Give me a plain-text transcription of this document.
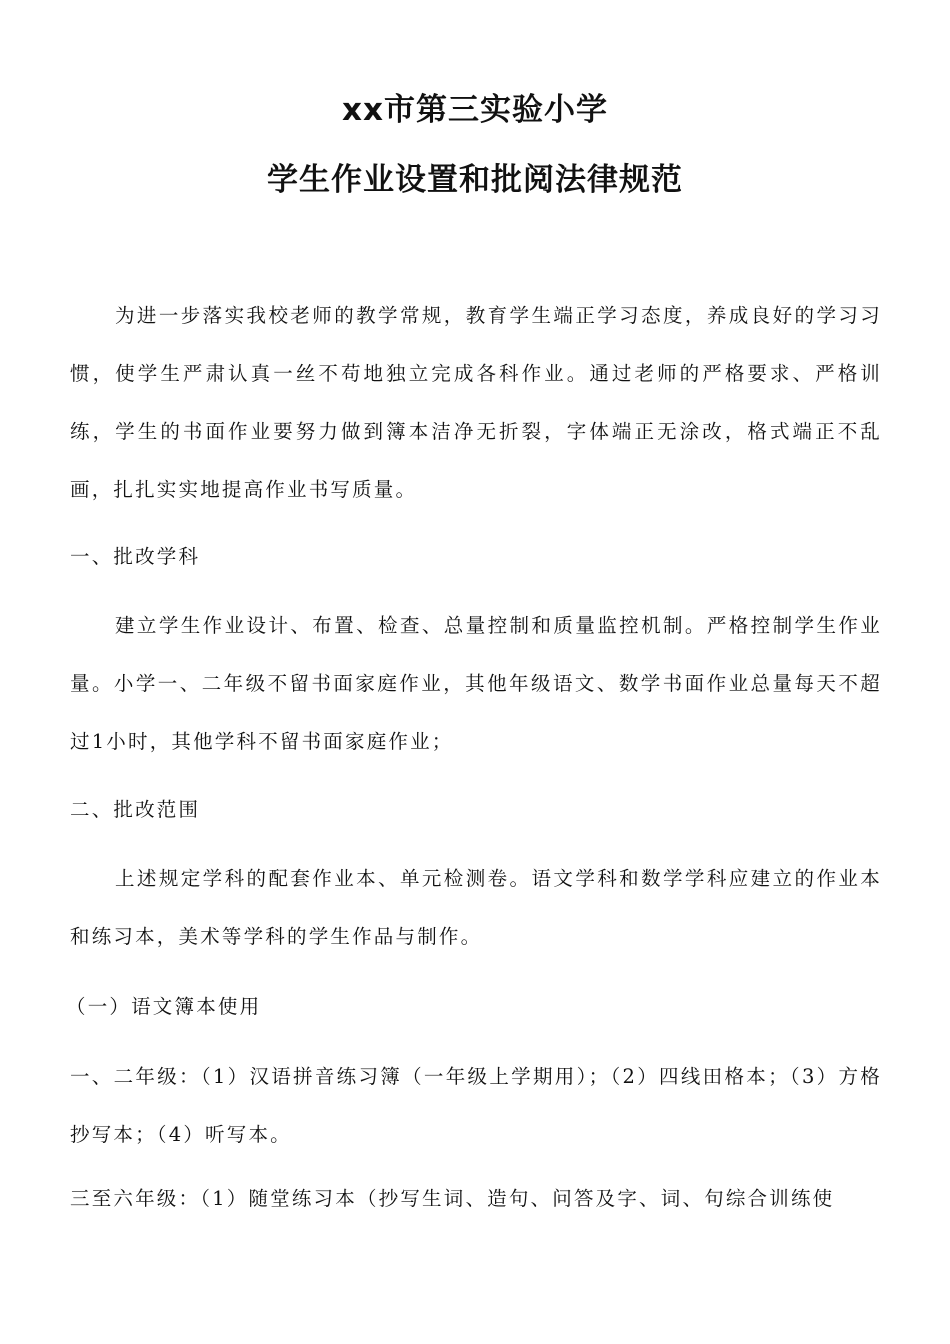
xx市第三实验小学
学生作业设置和批阅法律规范
为进一步落实我校老师的教学常规，教育学生端正学习态度，养成良好的学习习惯，使学生严肃认真一丝不苟地独立完成各科作业。通过老师的严格要求、严格训练，学生的书面作业要努力做到簿本洁净无折裂，字体端正无涂改，格式端正不乱画，扎扎实实地提高作业书写质量。
一、批改学科
建立学生作业设计、布置、检查、总量控制和质量监控机制。严格控制学生作业量。小学一、二年级不留书面家庭作业，其他年级语文、数学书面作业总量每天不超过1小时，其他学科不留书面家庭作业；
二、批改范围
上述规定学科的配套作业本、单元检测卷。语文学科和数学学科应建立的作业本和练习本，美术等学科的学生作品与制作。
（一）语文簿本使用
一、二年级：（1）汉语拼音练习簿（一年级上学期用）；（2）四线田格本；（3）方格抄写本；（4）听写本。
三至六年级：（1）随堂练习本（抄写生词、造句、问答及字、词、句综合训练使
